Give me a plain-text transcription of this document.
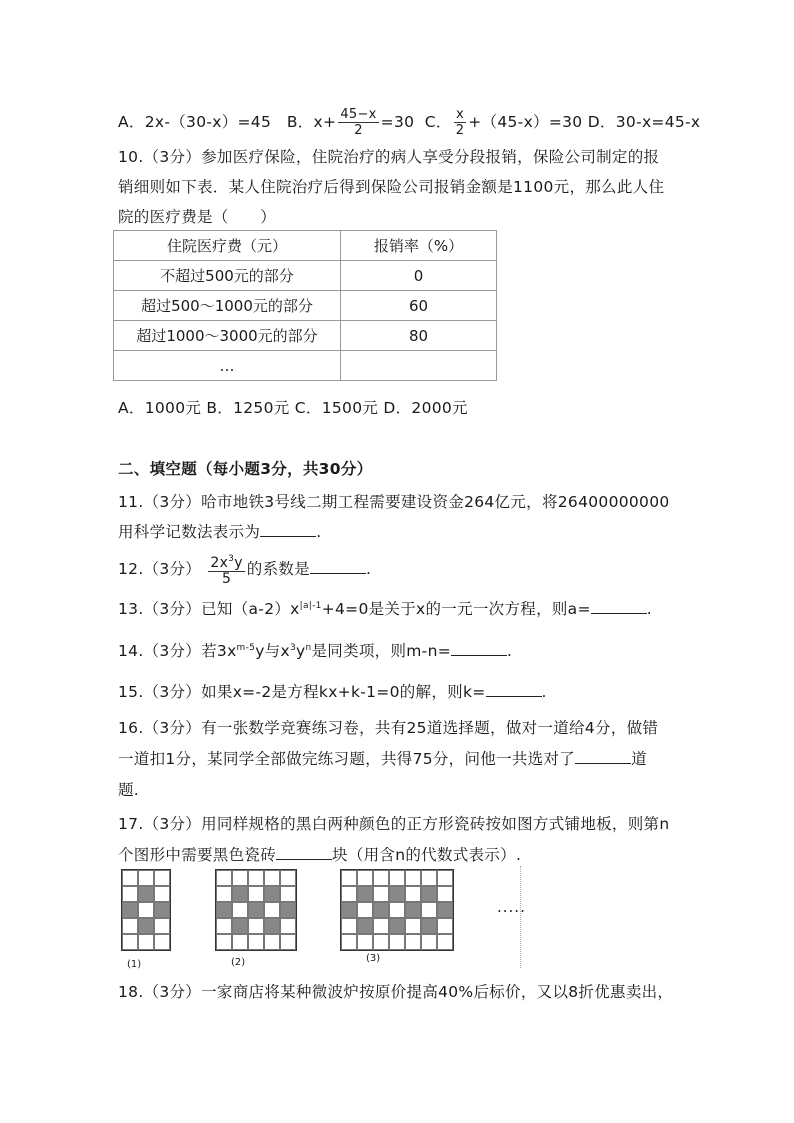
A．2x-（30-x）=45 B．$x+ \frac{45-x}{2} =30$ C． $\frac{x}{2} +(45-x)=30$ D．30-x=45-x
10.（3分）参加医疗保险，住院治疗的病人享受分段报销，保险公司制定的报
销细则如下表．某人住院治疗后得到保险公司报销金额是1100元，那么此人住
院的医疗费是（　　）
住院医疗费（元）	报销率（%）
不超过500元的部分	0
超过500～1000元的部分	60
超过1000～3000元的部分	80
…	
A．1000元 B．1250元 C．1500元 D．2000元
二、填空题（每小题3分，共30分）
11.（3分）哈市地铁3号线二期工程需要建设资金264亿元，将26400000000
用科学记数法表示为	.
12.（3分） $\frac{2x^3y}{5}$ 的系数是	.
13.（3分）已知$(a-2)x^{|a|-1}+4=0$是关于x的一元一次方程，则a=	.
14.（3分）若$3x^{m-5}y$与$x^3y^n$是同类项，则m-n=	.
15.（3分）如果x=-2是方程kx+k-1=0的解，则k=	.
16.（3分）有一张数学竞赛练习卷，共有25道选择题，做对一道给4分，做错
一道扣1分，某同学全部做完练习题，共得75分，问他一共选对了	道
题.
17.（3分）用同样规格的黑白两种颜色的正方形瓷砖按如图方式铺地板，则第n
个图形中需要黑色瓷砖	块（用含n的代数式表示）.
(1)	(2)	(3)
.....
18.（3分）一家商店将某种微波炉按原价提高40%后标价，又以8折优惠卖出，
